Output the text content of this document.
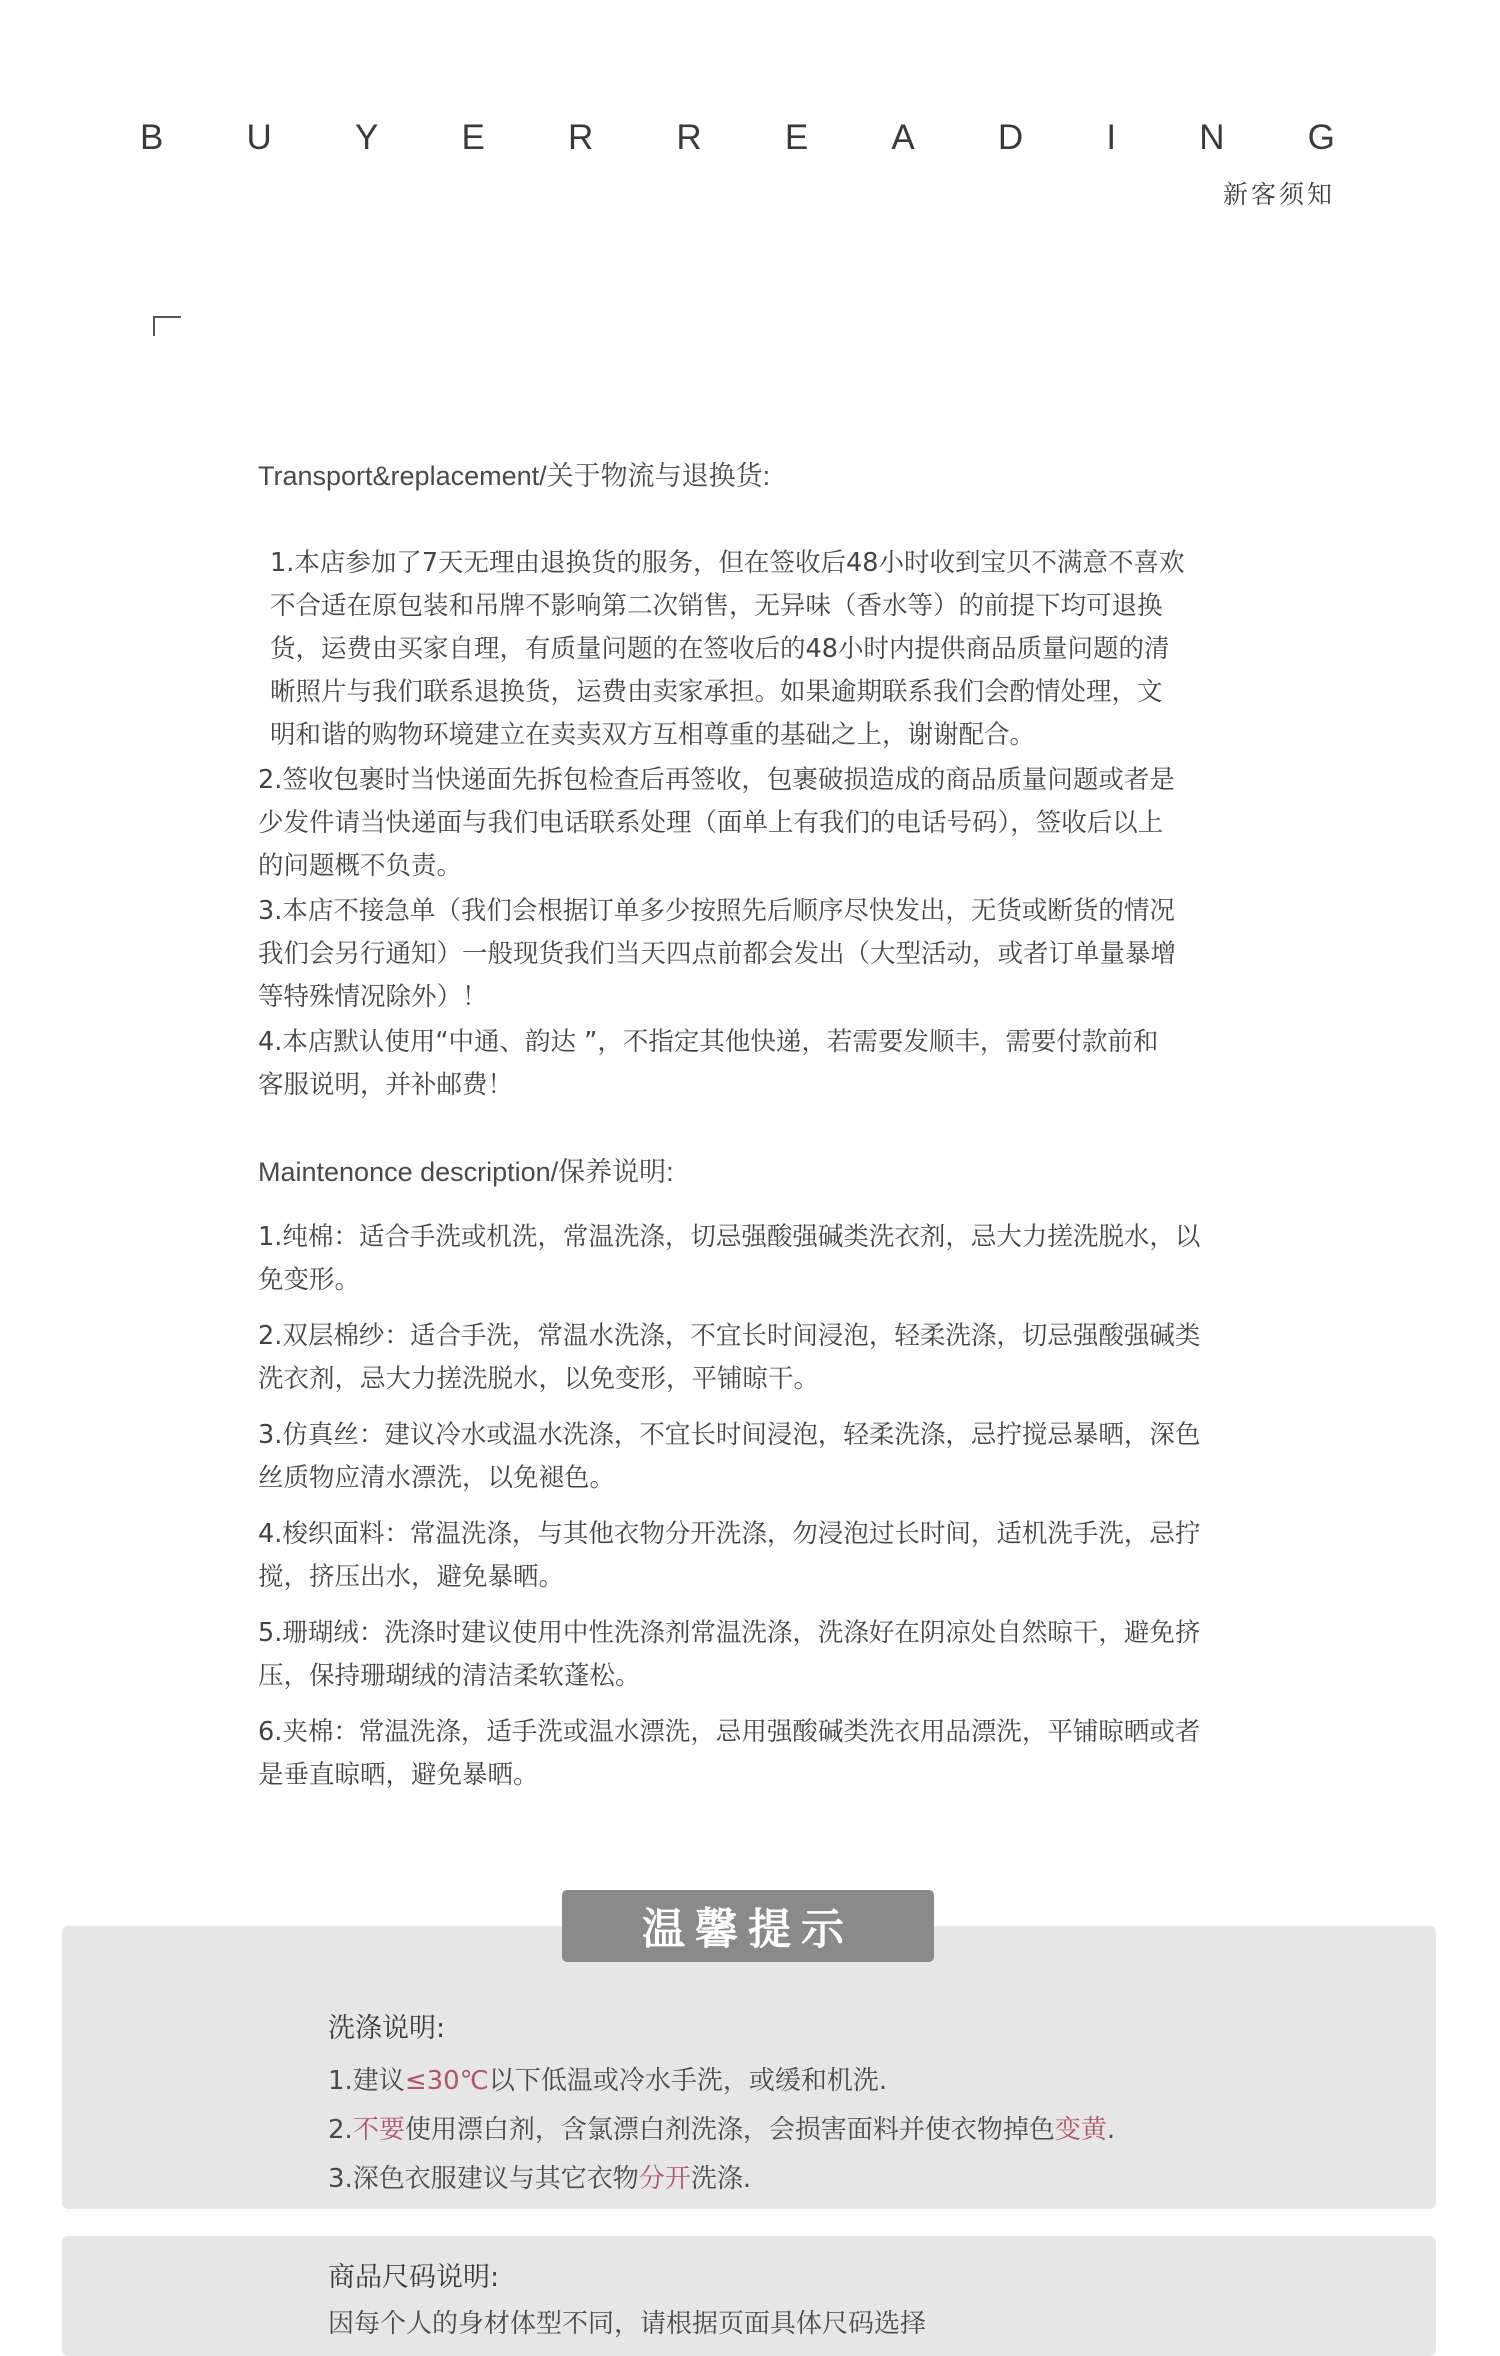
B U Y E R R E A D I N G
新客须知

Transport&replacement/关于物流与退换货:

1.本店参加了7天无理由退换货的服务，但在签收后48小时收到宝贝不满意不喜欢

不合适在原包装和吊牌不影响第二次销售，无异味（香水等）的前提下均可退换

货，运费由买家自理，有质量问题的在签收后的48小时内提供商品质量问题的清

晰照片与我们联系退换货，运费由卖家承担。如果逾期联系我们会酌情处理，文

明和谐的购物环境建立在卖卖双方互相尊重的基础之上，谢谢配合。

2.签收包裹时当快递面先拆包检查后再签收，包裹破损造成的商品质量问题或者是

少发件请当快递面与我们电话联系处理（面单上有我们的电话号码），签收后以上

的问题概不负责。

3.本店不接急单（我们会根据订单多少按照先后顺序尽快发出，无货或断货的情况

我们会另行通知）一般现货我们当天四点前都会发出（大型活动，或者订单量暴增

等特殊情况除外）！

4.本店默认使用“中通、韵达 ”，不指定其他快递，若需要发顺丰，需要付款前和

客服说明，并补邮费！

Maintenonce description/保养说明:

1.纯棉：适合手洗或机洗，常温洗涤，切忌强酸强碱类洗衣剂，忌大力搓洗脱水，以

免变形。

2.双层棉纱：适合手洗，常温水洗涤，不宜长时间浸泡，轻柔洗涤，切忌强酸强碱类

洗衣剂，忌大力搓洗脱水，以免变形，平铺晾干。

3.仿真丝：建议冷水或温水洗涤，不宜长时间浸泡，轻柔洗涤，忌拧搅忌暴晒，深色

丝质物应清水漂洗，以免褪色。

4.梭织面料：常温洗涤，与其他衣物分开洗涤，勿浸泡过长时间，适机洗手洗，忌拧

搅，挤压出水，避免暴晒。

5.珊瑚绒：洗涤时建议使用中性洗涤剂常温洗涤，洗涤好在阴凉处自然晾干，避免挤

压，保持珊瑚绒的清洁柔软蓬松。

6.夹棉：常温洗涤，适手洗或温水漂洗，忌用强酸碱类洗衣用品漂洗，平铺晾晒或者

是垂直晾晒，避免暴晒。

温馨提示

洗涤说明:

1.建议≤30℃以下低温或冷水手洗，或缓和机洗.

2.不要使用漂白剂，含氯漂白剂洗涤，会损害面料并使衣物掉色变黄.

3.深色衣服建议与其它衣物分开洗涤.

商品尺码说明:

因每个人的身材体型不同，请根据页面具体尺码选择
